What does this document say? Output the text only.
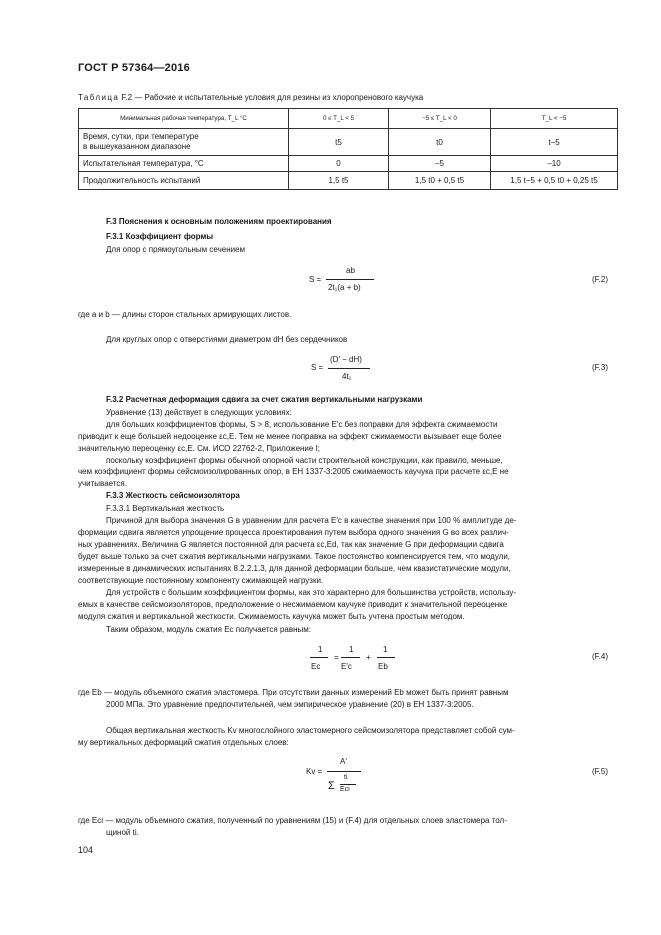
ГОСТ Р 57364—2016
Таблица F.2 — Рабочие и испытательные условия для резины из хлоропренового каучука
Минимальная рабочая температура, T_L °C	0 ≤ T_L < 5	−5 ≤ T_L < 0	T_L < −5
Время, сутки, при температуре
в вышеуказанном диапазоне	t5	t0	t−5
Испытательная температура, °C	0	–5	–10
Продолжительность испытаний	1,5 t5	1,5 t0 + 0,5 t5	1,5 t−5 + 0,5 t0 + 0,25 t5
F.3 Пояснения к основным положениям проектирования
F.3.1 Коэффициент формы
Для опор с прямоугольным сечением
S =
ab
2t₁(a + b)
(F.2)
где a и b — длины сторон стальных армирующих листов.
Для круглых опор с отверстиями диаметром dH без сердечников
S =
(D′ − dH)
4t₁
(F.3)
F.3.2 Расчетная деформация сдвига за счет сжатия вертикальными нагрузками
Уравнение (13) действует в следующих условиях:
для больших коэффициентов формы, S > 8, использование E′c без поправки для эффекта сжимаемости
приводит к еще большей недооценке εc,E. Тем не менее поправка на эффект сжимаемости вызывает еще более
значительную переоценку εc,E. См. ИСО 22762-2, Приложение I;
поскольку коэффициент формы обычной опорной части строительной конструкции, как правило, меньше,
чем коэффициент формы сейсмоизолированных опор, в ЕН 1337-3:2005 сжимаемость каучука при расчете εc,E не
учитывается.
F.3.3 Жесткость сейсмоизолятора
F.3.3.1 Вертикальная жесткость
Причиной для выбора значения G в уравнении для расчета E′c в качестве значения при 100 % амплитуде де-
формации сдвига является упрощение процесса проектирования путем выбора одного значения G во всех различ-
ных уравнениях. Величина G является постоянной для расчета εc,Ed, так как значение G при деформации сдвига
будет выше только за счет сжатия вертикальными нагрузками. Такое постоянство компенсируется тем, что модули,
измеренные в динамических испытаниях 8.2.2.1.3, для данной деформации больше, чем квазистатические модули,
соответствующие постоянному компоненту сжимающей нагрузки.
Для устройств с большим коэффициентом формы, как это характерно для большинства устройств, использу-
емых в качестве сейсмоизоляторов, предположение о несжимаемом каучуке приводит к значительной переоценке
модуля сжатия и вертикальной жесткости. Сжимаемость каучука может быть учтена простым методом.
Таким образом, модуль сжатия Ec получается равным:
1
Ec
=
1
E′c
+
1
Eb
(F.4)
где Eb — модуль объемного сжатия эластомера. При отсутствии данных измерений Eb может быть принят равным
2000 МПа. Это уравнение предпочтительней, чем эмпирическое уравнение (20) в ЕН 1337-3:2005.
Общая вертикальная жесткость Kv многослойного эластомерного сейсмоизолятора представляет собой сум-
му вертикальных деформаций сжатия отдельных слоев:
Kv =
A′
Σ
ti
Eci
(F.5)
где Eci — модуль объемного сжатия, полученный по уравнениям (15) и (F.4) для отдельных слоев эластомера тол-
щиной ti.
104
